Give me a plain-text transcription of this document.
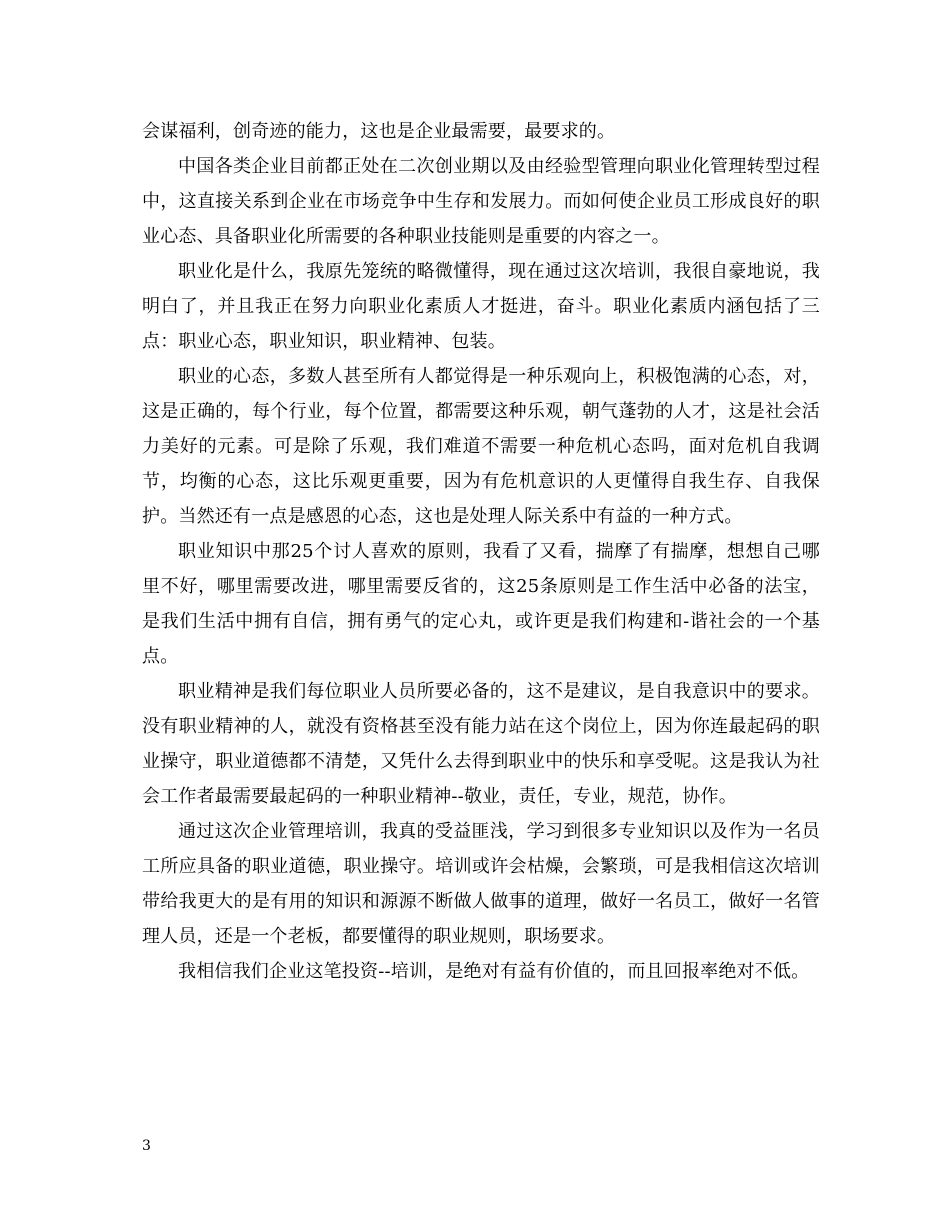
会谋福利，创奇迹的能力，这也是企业最需要，最要求的。

中国各类企业目前都正处在二次创业期以及由经验型管理向职业化管理转型过程中，这直接关系到企业在市场竞争中生存和发展力。而如何使企业员工形成良好的职业心态、具备职业化所需要的各种职业技能则是重要的内容之一。

职业化是什么，我原先笼统的略微懂得，现在通过这次培训，我很自豪地说，我明白了，并且我正在努力向职业化素质人才挺进，奋斗。职业化素质内涵包括了三点：职业心态，职业知识，职业精神、包装。

职业的心态，多数人甚至所有人都觉得是一种乐观向上，积极饱满的心态，对，这是正确的，每个行业，每个位置，都需要这种乐观，朝气蓬勃的人才，这是社会活力美好的元素。可是除了乐观，我们难道不需要一种危机心态吗，面对危机自我调节，均衡的心态，这比乐观更重要，因为有危机意识的人更懂得自我生存、自我保护。当然还有一点是感恩的心态，这也是处理人际关系中有益的一种方式。

职业知识中那25个讨人喜欢的原则，我看了又看，揣摩了有揣摩，想想自己哪里不好，哪里需要改进，哪里需要反省的，这25条原则是工作生活中必备的法宝，是我们生活中拥有自信，拥有勇气的定心丸，或许更是我们构建和-谐社会的一个基点。

职业精神是我们每位职业人员所要必备的，这不是建议，是自我意识中的要求。没有职业精神的人，就没有资格甚至没有能力站在这个岗位上，因为你连最起码的职业操守，职业道德都不清楚，又凭什么去得到职业中的快乐和享受呢。这是我认为社会工作者最需要最起码的一种职业精神--敬业，责任，专业，规范，协作。

通过这次企业管理培训，我真的受益匪浅，学习到很多专业知识以及作为一名员工所应具备的职业道德，职业操守。培训或许会枯燥，会繁琐，可是我相信这次培训带给我更大的是有用的知识和源源不断做人做事的道理，做好一名员工，做好一名管理人员，还是一个老板，都要懂得的职业规则，职场要求。

我相信我们企业这笔投资--培训，是绝对有益有价值的，而且回报率绝对不低。

3
